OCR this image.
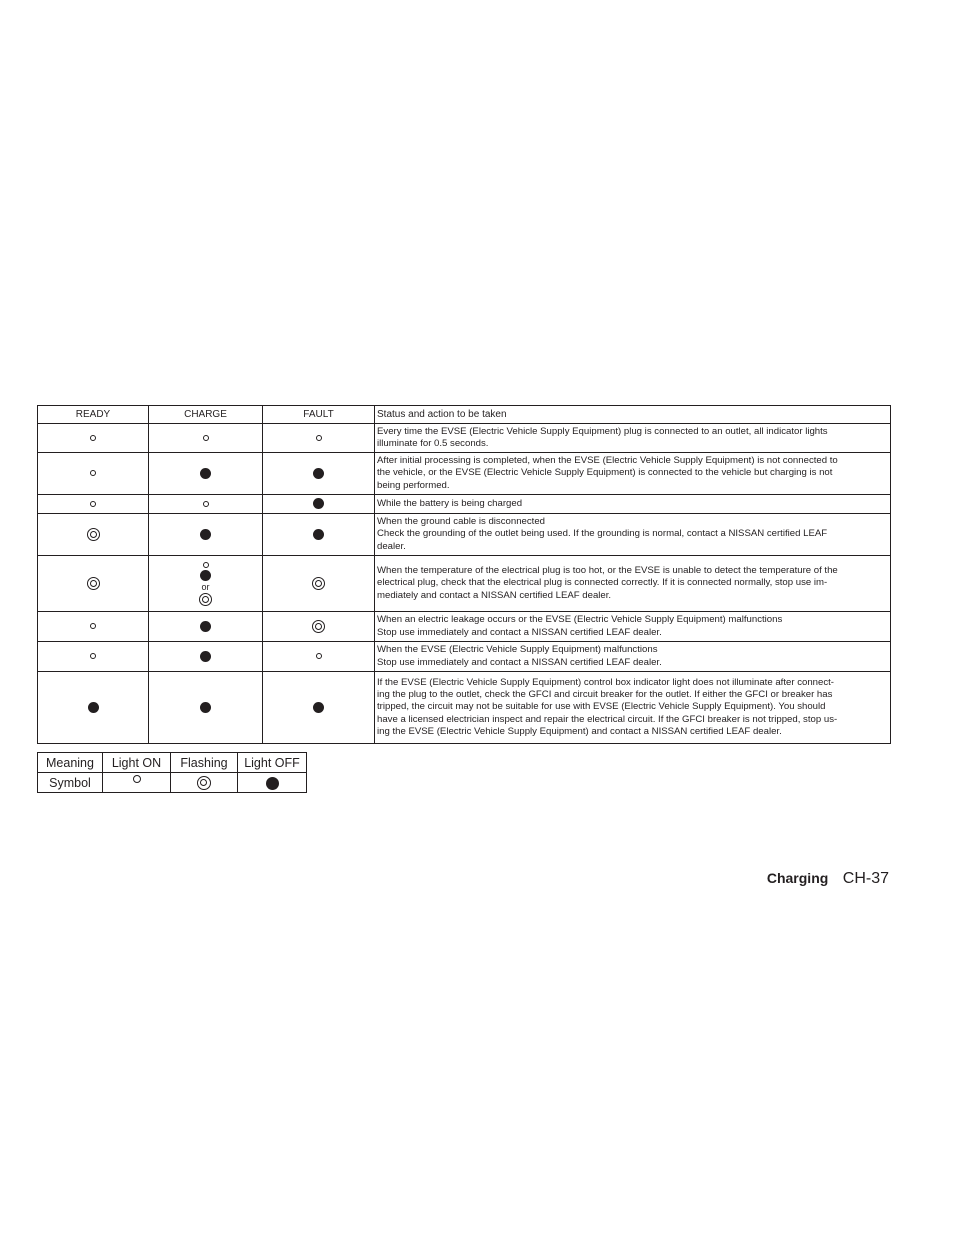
READY	CHARGE	FAULT	Status and action to be taken

			Every time the EVSE (Electric Vehicle Supply Equipment) plug is connected to an outlet, all indicator lights
illuminate for 0.5 seconds.

			After initial processing is completed, when the EVSE (Electric Vehicle Supply Equipment) is not connected to
the vehicle, or the EVSE (Electric Vehicle Supply Equipment) is connected to the vehicle but charging is not
being performed.

			While the battery is being charged

			When the ground cable is disconnected
Check the grounding of the outlet being used. If the grounding is normal, contact a NISSAN certified LEAF
dealer.

	or		When the temperature of the electrical plug is too hot, or the EVSE is unable to detect the temperature of the
electrical plug, check that the electrical plug is connected correctly. If it is connected normally, stop use im-
mediately and contact a NISSAN certified LEAF dealer.

			When an electric leakage occurs or the EVSE (Electric Vehicle Supply Equipment) malfunctions
Stop use immediately and contact a NISSAN certified LEAF dealer.

			When the EVSE (Electric Vehicle Supply Equipment) malfunctions
Stop use immediately and contact a NISSAN certified LEAF dealer.

			If the EVSE (Electric Vehicle Supply Equipment) control box indicator light does not illuminate after connect-
ing the plug to the outlet, check the GFCI and circuit breaker for the outlet. If either the GFCI or breaker has
tripped, the circuit may not be suitable for use with EVSE (Electric Vehicle Supply Equipment). You should
have a licensed electrician inspect and repair the electrical circuit. If the GFCI breaker is not tripped, stop us-
ing the EVSE (Electric Vehicle Supply Equipment) and contact a NISSAN certified LEAF dealer.
Meaning	Light ON	Flashing	Light OFF
Symbol			
Charging CH-37
